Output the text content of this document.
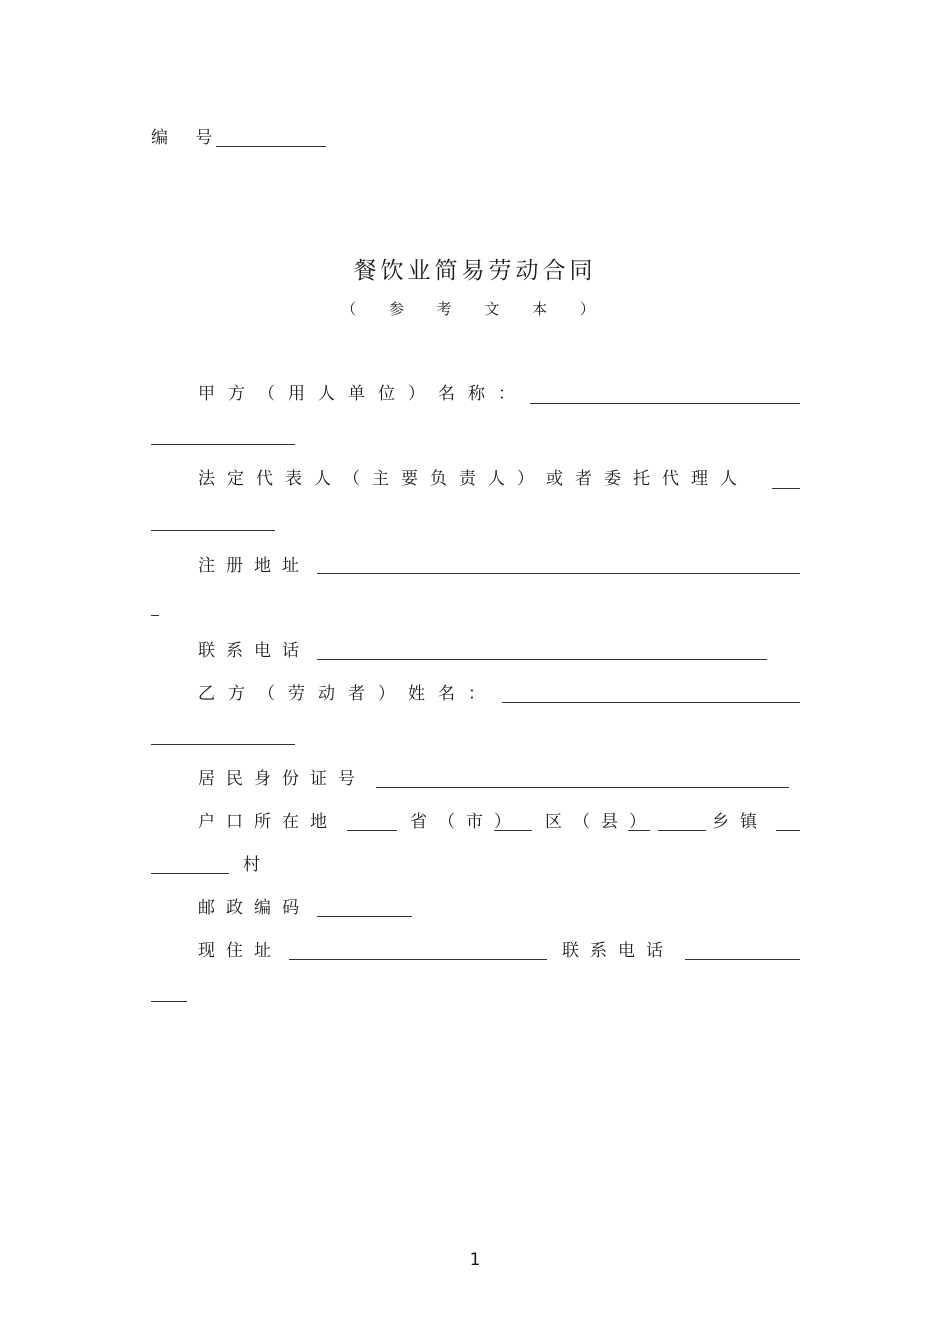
编 号
餐饮业简易劳动合同
（ 参 考 文 本 ）
甲方（用人单位）名称：
法定代表人（主要负责人）或者委托代理人
注册地址
联系电话
乙方（劳动者）姓名：
居民身份证号
户口所在地	省（市） 区（县）	乡镇
村
邮政编码
现住址	联系电话
1
